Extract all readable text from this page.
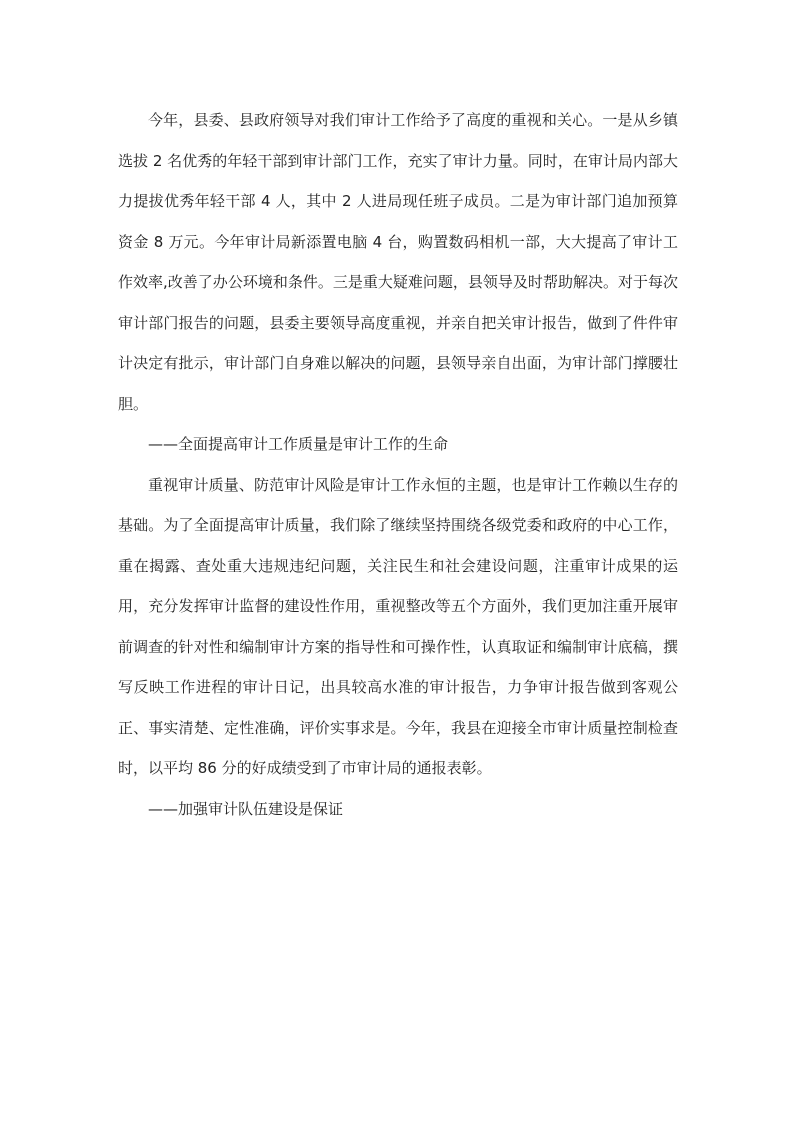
今年，县委、县政府领导对我们审计工作给予了高度的重视和关心。一是从乡镇选拔 2 名优秀的年轻干部到审计部门工作，充实了审计力量。同时，在审计局内部大力提拔优秀年轻干部 4 人，其中 2 人进局现任班子成员。二是为审计部门追加预算资金 8 万元。今年审计局新添置电脑 4 台，购置数码相机一部，大大提高了审计工作效率,改善了办公环境和条件。三是重大疑难问题，县领导及时帮助解决。对于每次审计部门报告的问题，县委主要领导高度重视，并亲自把关审计报告，做到了件件审计决定有批示，审计部门自身难以解决的问题，县领导亲自出面，为审计部门撑腰壮胆。

——全面提高审计工作质量是审计工作的生命

重视审计质量、防范审计风险是审计工作永恒的主题，也是审计工作赖以生存的基础。为了全面提高审计质量，我们除了继续坚持围绕各级党委和政府的中心工作，重在揭露、查处重大违规违纪问题，关注民生和社会建设问题，注重审计成果的运用，充分发挥审计监督的建设性作用，重视整改等五个方面外，我们更加注重开展审前调查的针对性和编制审计方案的指导性和可操作性，认真取证和编制审计底稿，撰写反映工作进程的审计日记，出具较高水准的审计报告，力争审计报告做到客观公正、事实清楚、定性准确，评价实事求是。今年，我县在迎接全市审计质量控制检查时，以平均 86 分的好成绩受到了市审计局的通报表彰。

——加强审计队伍建设是保证
